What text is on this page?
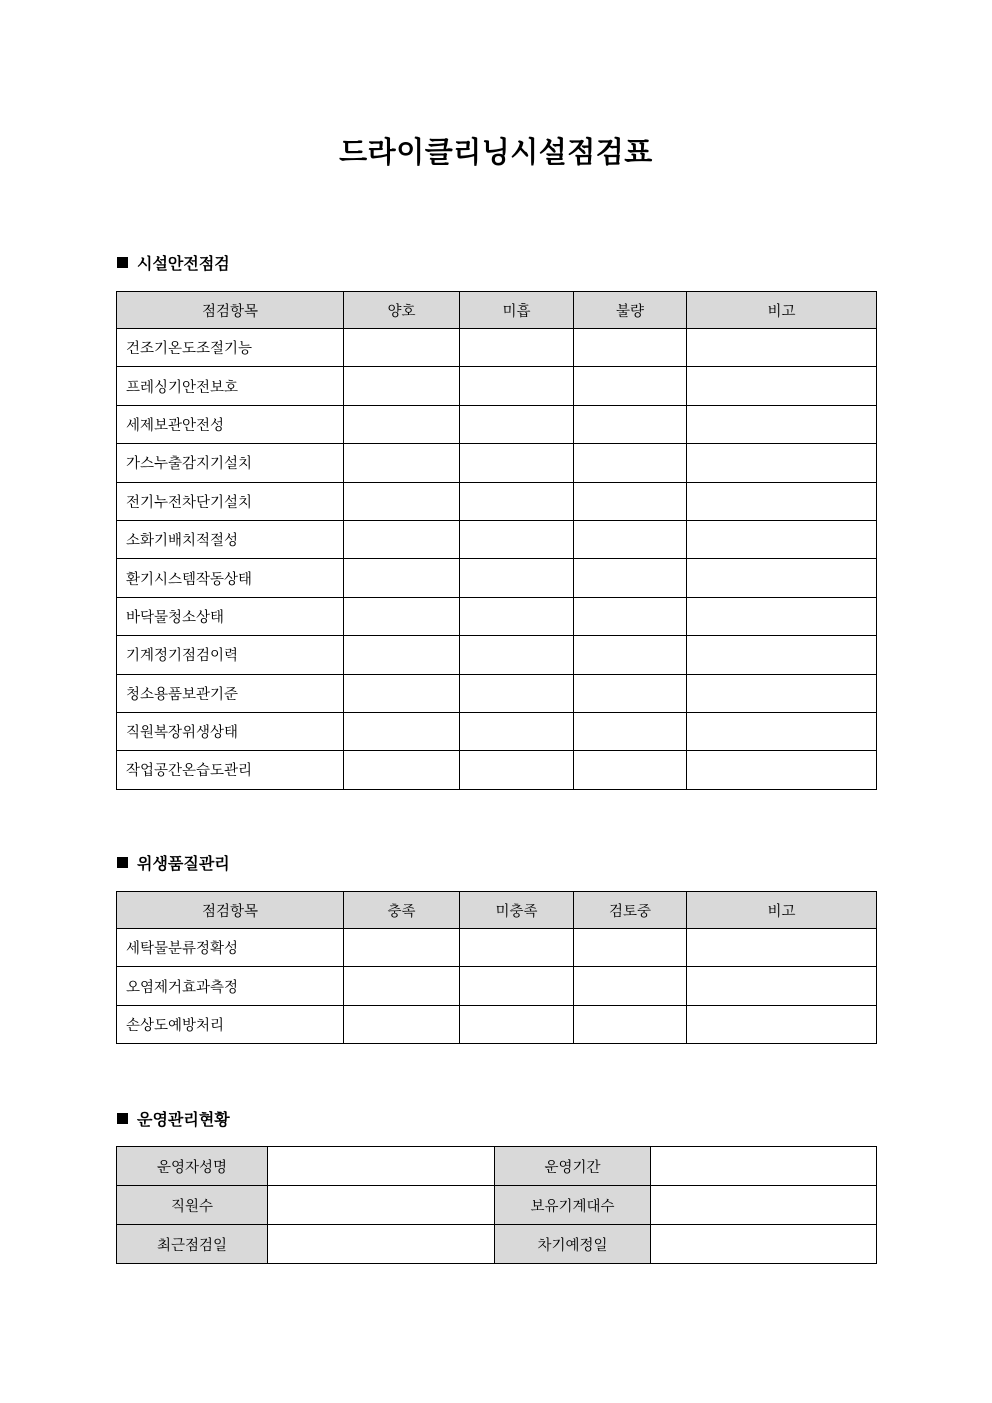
드라이클리닝시설점검표
시설안전점검
점검항목	양호	미흡	불량	비고
건조기온도조절기능				
프레싱기안전보호				
세제보관안전성				
가스누출감지기설치				
전기누전차단기설치				
소화기배치적절성				
환기시스템작동상태				
바닥물청소상태				
기계정기점검이력				
청소용품보관기준				
직원복장위생상태				
작업공간온습도관리				
위생품질관리
점검항목	충족	미충족	검토중	비고
세탁물분류정확성				
오염제거효과측정				
손상도예방처리				
운영관리현황
운영자성명		운영기간	
직원수		보유기계대수	
최근점검일		차기예정일	
